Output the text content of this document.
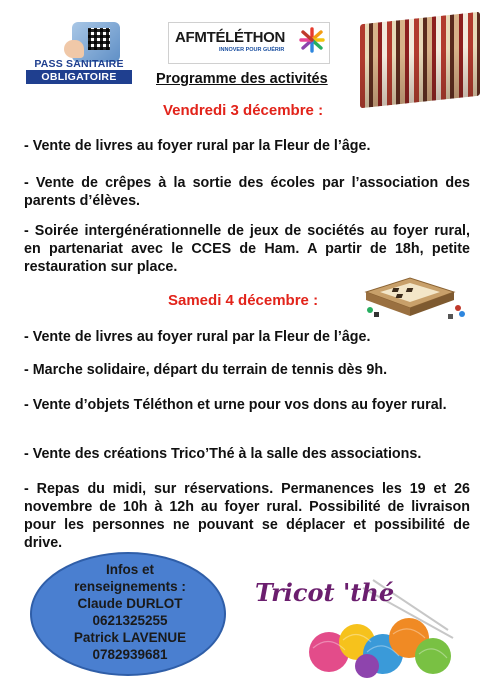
PASS SANITAIRE
OBLIGATOIRE
AFMTÉLÉTHON
INNOVER POUR GUÉRIR
Programme des activités
Vendredi 3 décembre :
- Vente de livres au foyer rural par la Fleur de l’âge.
- Vente de crêpes à la sortie des écoles par l’association des parents d’élèves.
- Soirée intergénérationnelle de jeux de sociétés au foyer rural, en partenariat avec le CCES de Ham. A partir de 18h, petite restauration sur place.
Samedi 4 décembre :
- Vente de livres au foyer rural par la Fleur de l’âge.
- Marche solidaire, départ du terrain de tennis dès 9h.
- Vente d’objets Téléthon et urne pour vos dons au foyer rural.
- Vente des créations Trico’Thé à la salle des associations.
- Repas du midi, sur réservations. Permanences les 19 et 26 novembre de 10h à 12h au foyer rural. Possibilité de livraison pour les personnes ne pouvant se déplacer et possibilité de drive.
Infos et
renseignements :
Claude DURLOT
0621325255
Patrick LAVENUE
0782939681
Tricot 'thé
